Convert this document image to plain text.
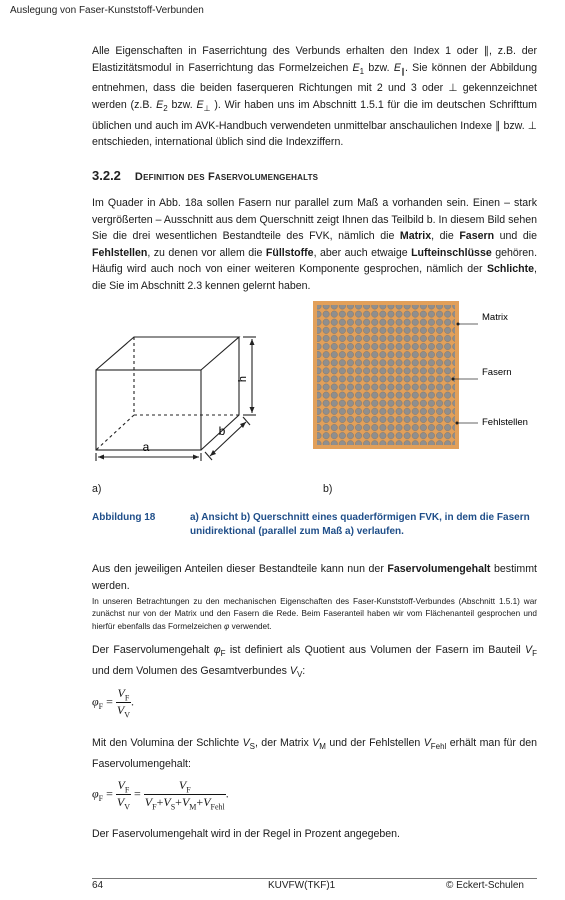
Auslegung von Faser-Kunststoff-Verbunden
Alle Eigenschaften in Faserrichtung des Verbunds erhalten den Index 1 oder ∥, z.B. der Elastizitätsmodul in Faserrichtung das Formelzeichen $E_1$ bzw. $E_\parallel$. Sie können der Abbildung entnehmen, dass die beiden faserqueren Richtungen mit 2 und 3 oder ⊥ gekennzeichnet werden (z.B. $E_2$ bzw. $E_\perp$ ). Wir haben uns im Abschnitt 1.5.1 für die im deutschen Schrifttum üblichen und auch im AVK-Handbuch verwendeten unmittelbar anschaulichen Indexe ∥ bzw. ⊥ entschieden, international üblich sind die Indexziffern.
3.2.2 Definition des Faservolumengehalts
Im Quader in Abb. 18a sollen Fasern nur parallel zum Maß a vorhanden sein. Einen – stark vergrößerten – Ausschnitt aus dem Querschnitt zeigt Ihnen das Teilbild b. In diesem Bild sehen Sie die drei wesentlichen Bestandteile des FVK, nämlich die Matrix, die Fasern und die Fehlstellen, zu denen vor allem die Füllstoffe, aber auch etwaige Lufteinschlüsse gehören. Häufig wird auch noch von einer weiteren Komponente gesprochen, nämlich der Schlichte, die Sie im Abschnitt 2.3 kennen gelernt haben.
a
h
b
Matrix
Fasern
Fehlstellen
a)	b)
Abbildung 18	a) Ansicht b) Querschnitt eines quaderförmigen FVK, in dem die Fasern unidirektional (parallel zum Maß a) verlaufen.
Aus den jeweiligen Anteilen dieser Bestandteile kann nun der Faservolumengehalt bestimmt werden.
In unseren Betrachtungen zu den mechanischen Eigenschaften des Faser-Kunststoff-Verbundes (Abschnitt 1.5.1) war zunächst nur von der Matrix und den Fasern die Rede. Beim Faseranteil haben wir vom Flächenanteil gesprochen und hierfür ebenfalls das Formelzeichen φ verwendet.
Der Faservolumengehalt $\varphi_F$ ist definiert als Quotient aus Volumen der Fasern im Bauteil $V_F$ und dem Volumen des Gesamtverbundes $V_V$:
$\varphi_F = \frac{V_F}{V_V}$ .
Mit den Volumina der Schlichte $V_S$, der Matrix $V_M$ und der Fehlstellen $V_{Fehl}$ erhält man für den Faservolumengehalt:
$\varphi_F = \frac{V_F}{V_V} = \frac{V_F}{V_F+V_S+V_M+V_{Fehl}}$ .
Der Faservolumengehalt wird in der Regel in Prozent angegeben.
64	KUVFW(TKF)1	© Eckert-Schulen
